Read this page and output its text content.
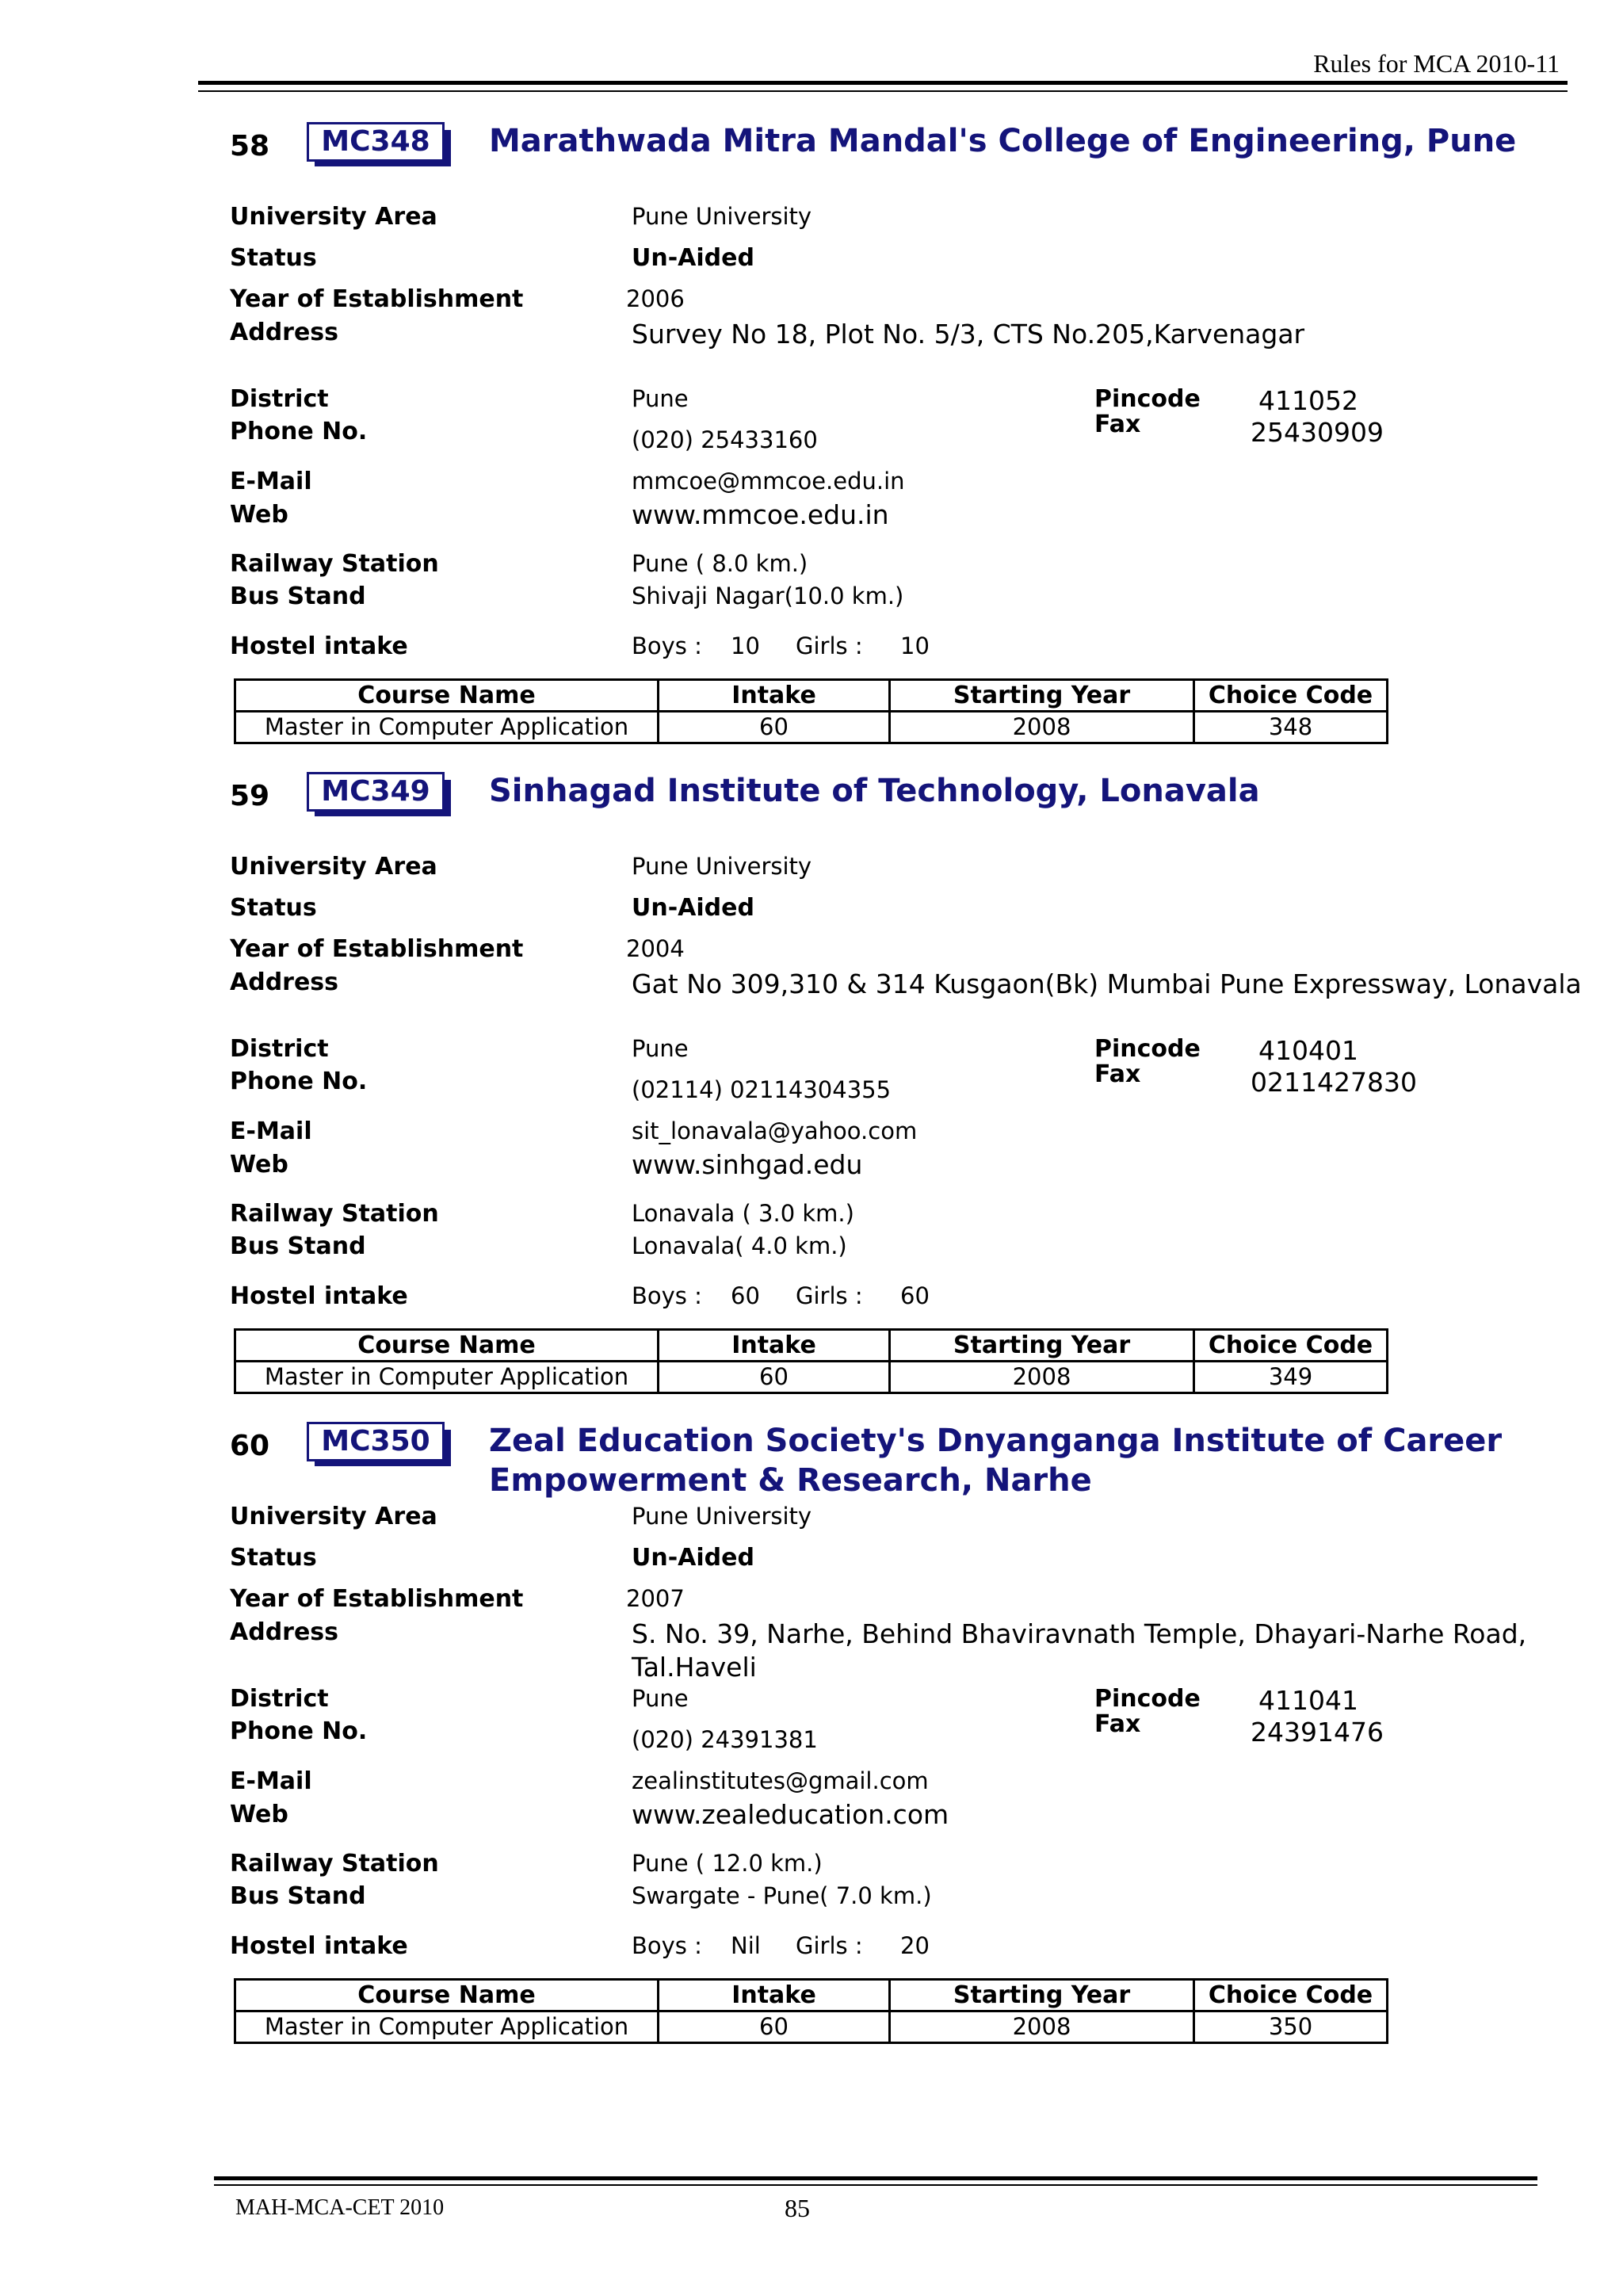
Rules for MCA 2010-11
58	MC348	Marathwada Mitra Mandal's College of Engineering, Pune
University Area	Pune University
Status	Un-Aided
Year of Establishment	2006
Address	Survey No 18, Plot No. 5/3, CTS No.205,Karvenagar
District	Pune	Pincode 411052
Phone No.	(020) 25433160
Fax	25430909
E-Mail	mmcoe@mmcoe.edu.in
Web	www.mmcoe.edu.in
Railway Station	Pune ( 8.0 km.)
Bus Stand	Shivaji Nagar(10.0 km.)
Hostel intake	Boys : 10 Girls : 10
Course Name	Intake	Starting Year	Choice Code
Master in Computer Application	60	2008	348
59	MC349	Sinhagad Institute of Technology, Lonavala
University Area	Pune University
Status	Un-Aided
Year of Establishment	2004
Address	Gat No 309,310 & 314 Kusgaon(Bk) Mumbai Pune Expressway, Lonavala
District	Pune	Pincode 410401
Phone No.	(02114) 02114304355
Fax	0211427830
E-Mail	sit_lonavala@yahoo.com
Web	www.sinhgad.edu
Railway Station	Lonavala ( 3.0 km.)
Bus Stand	Lonavala( 4.0 km.)
Hostel intake	Boys : 60 Girls : 60
Course Name	Intake	Starting Year	Choice Code
Master in Computer Application	60	2008	349
60	MC350	Zeal Education Society's Dnyanganga Institute of Career
Empowerment & Research, Narhe
University Area	Pune University
Status	Un-Aided
Year of Establishment	2007
Address	S. No. 39, Narhe, Behind Bhaviravnath Temple, Dhayari-Narhe Road,
Tal.Haveli
District	Pune	Pincode 411041
Phone No.	(020) 24391381
Fax	24391476
E-Mail	zealinstitutes@gmail.com
Web	www.zealeducation.com
Railway Station	Pune ( 12.0 km.)
Bus Stand	Swargate - Pune( 7.0 km.)
Hostel intake	Boys : Nil Girls : 20
Course Name	Intake	Starting Year	Choice Code
Master in Computer Application	60	2008	350
MAH-MCA-CET 2010	85
